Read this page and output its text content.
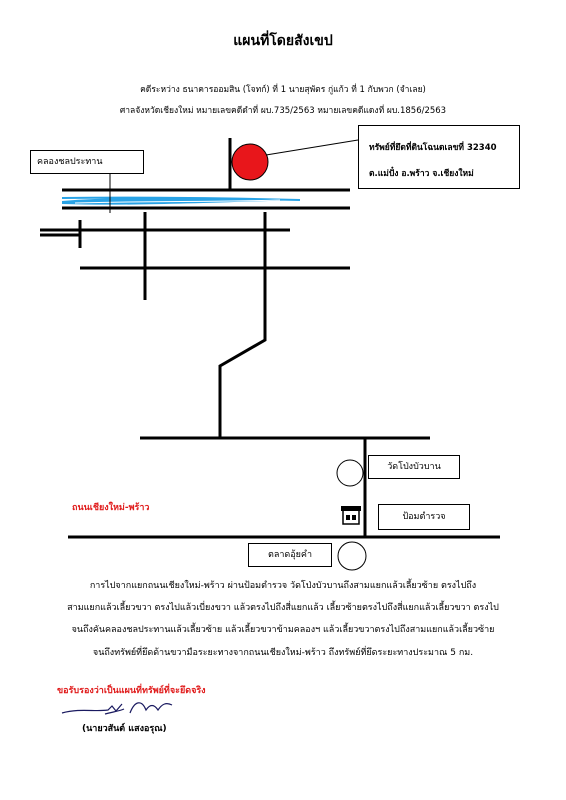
แผนที่โดยสังเขป
คดีระหว่าง ธนาคารออมสิน (โจทก์) ที่ 1 นายสุพัตร กู่แก้ว ที่ 1 กับพวก (จำเลย)
ศาลจังหวัดเชียงใหม่ หมายเลขคดีดำที่ ผบ.735/2563 หมายเลขคดีแดงที่ ผบ.1856/2563
คลองชลประทาน
ทรัพย์ที่ยึดที่ดินโฉนดเลขที่ 32340
ต.แม่ปั๋ง อ.พร้าว จ.เชียงใหม่
วัดโป่งบัวบาน
ป้อมตำรวจ
ตลาดอุ้ยคำ
ถนนเชียงใหม่-พร้าว
การไปจากแยกถนนเชียงใหม่-พร้าว ผ่านป้อมตำรวจ วัดโป่งบัวบานถึงสามแยกแล้วเลี้ยวซ้าย ตรงไปถึง
สามแยกแล้วเลี้ยวขวา ตรงไปแล้วเบี่ยงขวา แล้วตรงไปถึงสี่แยกแล้ว เลี้ยวซ้ายตรงไปถึงสี่แยกแล้วเลี้ยวขวา ตรงไป
จนถึงคันคลองชลประทานแล้วเลี้ยวซ้าย แล้วเลี้ยวขวาข้ามคลองฯ แล้วเลี้ยวขวาตรงไปถึงสามแยกแล้วเลี้ยวซ้าย
จนถึงทรัพย์ที่ยึดด้านขวามือระยะทางจากถนนเชียงใหม่-พร้าว ถึงทรัพย์ที่ยึดระยะทางประมาณ 5 กม.
ขอรับรองว่าเป็นแผนที่ทรัพย์ที่จะยึดจริง
(นายวสันต์ แสงอรุณ)
